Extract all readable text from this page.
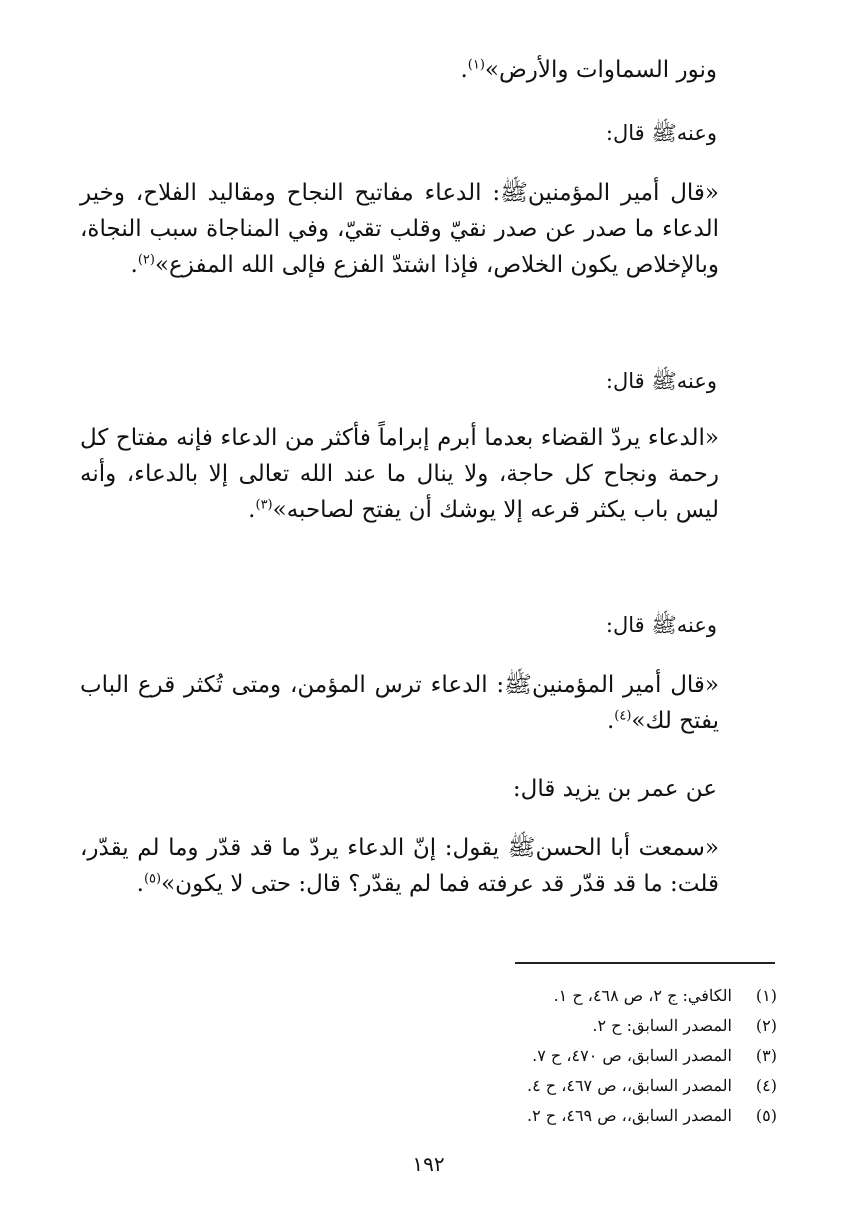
ونور السماوات والأرض»$^{(١)}$.
وعنهﷺ قال:
«قال أمير المؤمنينﷺ: الدعاء مفاتيح النجاح ومقاليد الفلاح، وخير الدعاء ما صدر عن صدر نقيّ وقلب تقيّ، وفي المناجاة سبب النجاة، وبالإخلاص يكون الخلاص، فإذا اشتدّ الفزع فإلى الله المفزع»$^{(٢)}$.
وعنهﷺ قال:
«الدعاء يردّ القضاء بعدما أبرم إبراماً فأكثر من الدعاء فإنه مفتاح كل رحمة ونجاح كل حاجة، ولا ينال ما عند الله تعالى إلا بالدعاء، وأنه ليس باب يكثر قرعه إلا يوشك أن يفتح لصاحبه»$^{(٣)}$.
وعنهﷺ قال:
«قال أمير المؤمنينﷺ: الدعاء ترس المؤمن، ومتى تُكثر قرع الباب يفتح لك»$^{(٤)}$.
عن عمر بن يزيد قال:
«سمعت أبا الحسنﷺ يقول: إنّ الدعاء يردّ ما قد قدّر وما لم يقدّر، قلت: ما قد قدّر قد عرفته فما لم يقدّر؟ قال: حتى لا يكون»$^{(٥)}$.
(١) الكافي: ج ٢، ص ٤٦٨، ح ١.
(٢) المصدر السابق: ح ٢.
(٣) المصدر السابق، ص ٤٧٠، ح ٧.
(٤) المصدر السابق،، ص ٤٦٧، ح ٤.
(٥) المصدر السابق،، ص ٤٦٩، ح ٢.
١٩٢
